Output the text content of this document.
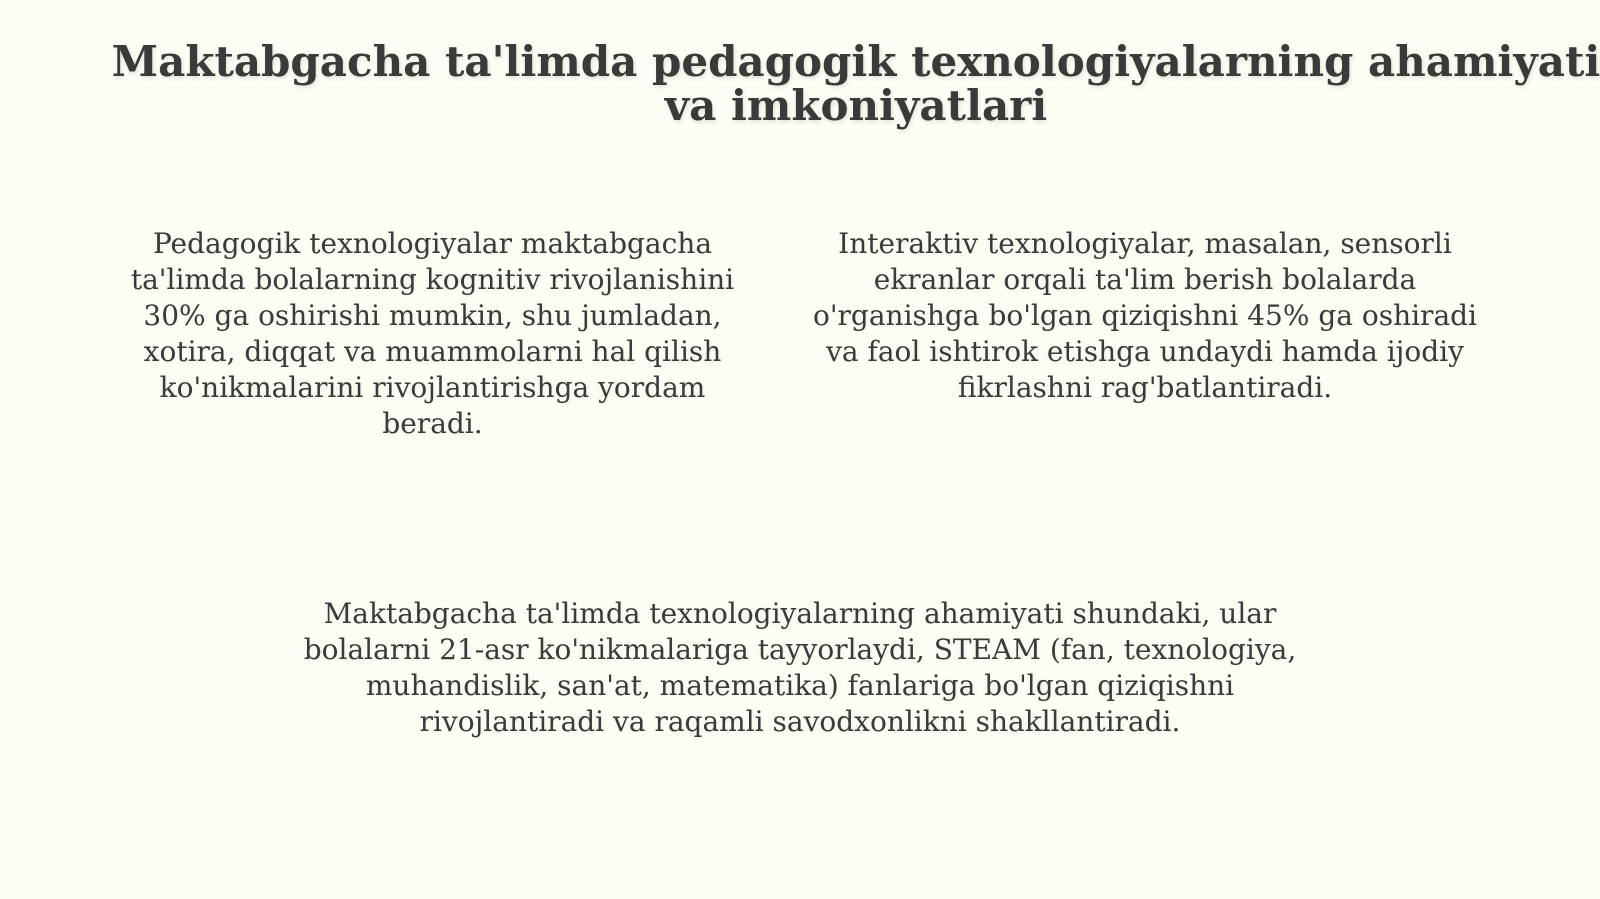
Maktabgacha ta'limda pedagogik texnologiyalarning ahamiyati va imkoniyatlari

Pedagogik texnologiyalar maktabgacha ta'limda bolalarning kognitiv rivojlanishini 30% ga oshirishi mumkin, shu jumladan, xotira, diqqat va muammolarni hal qilish ko'nikmalarini rivojlantirishga yordam beradi.

Interaktiv texnologiyalar, masalan, sensorli ekranlar orqali ta'lim berish bolalarda o'rganishga bo'lgan qiziqishni 45% ga oshiradi va faol ishtirok etishga undaydi hamda ijodiy fikrlashni rag'batlantiradi.

Maktabgacha ta'limda texnologiyalarning ahamiyati shundaki, ular bolalarni 21-asr ko'nikmalariga tayyorlaydi, STEAM (fan, texnologiya, muhandislik, san'at, matematika) fanlariga bo'lgan qiziqishni rivojlantiradi va raqamli savodxonlikni shakllantiradi.
